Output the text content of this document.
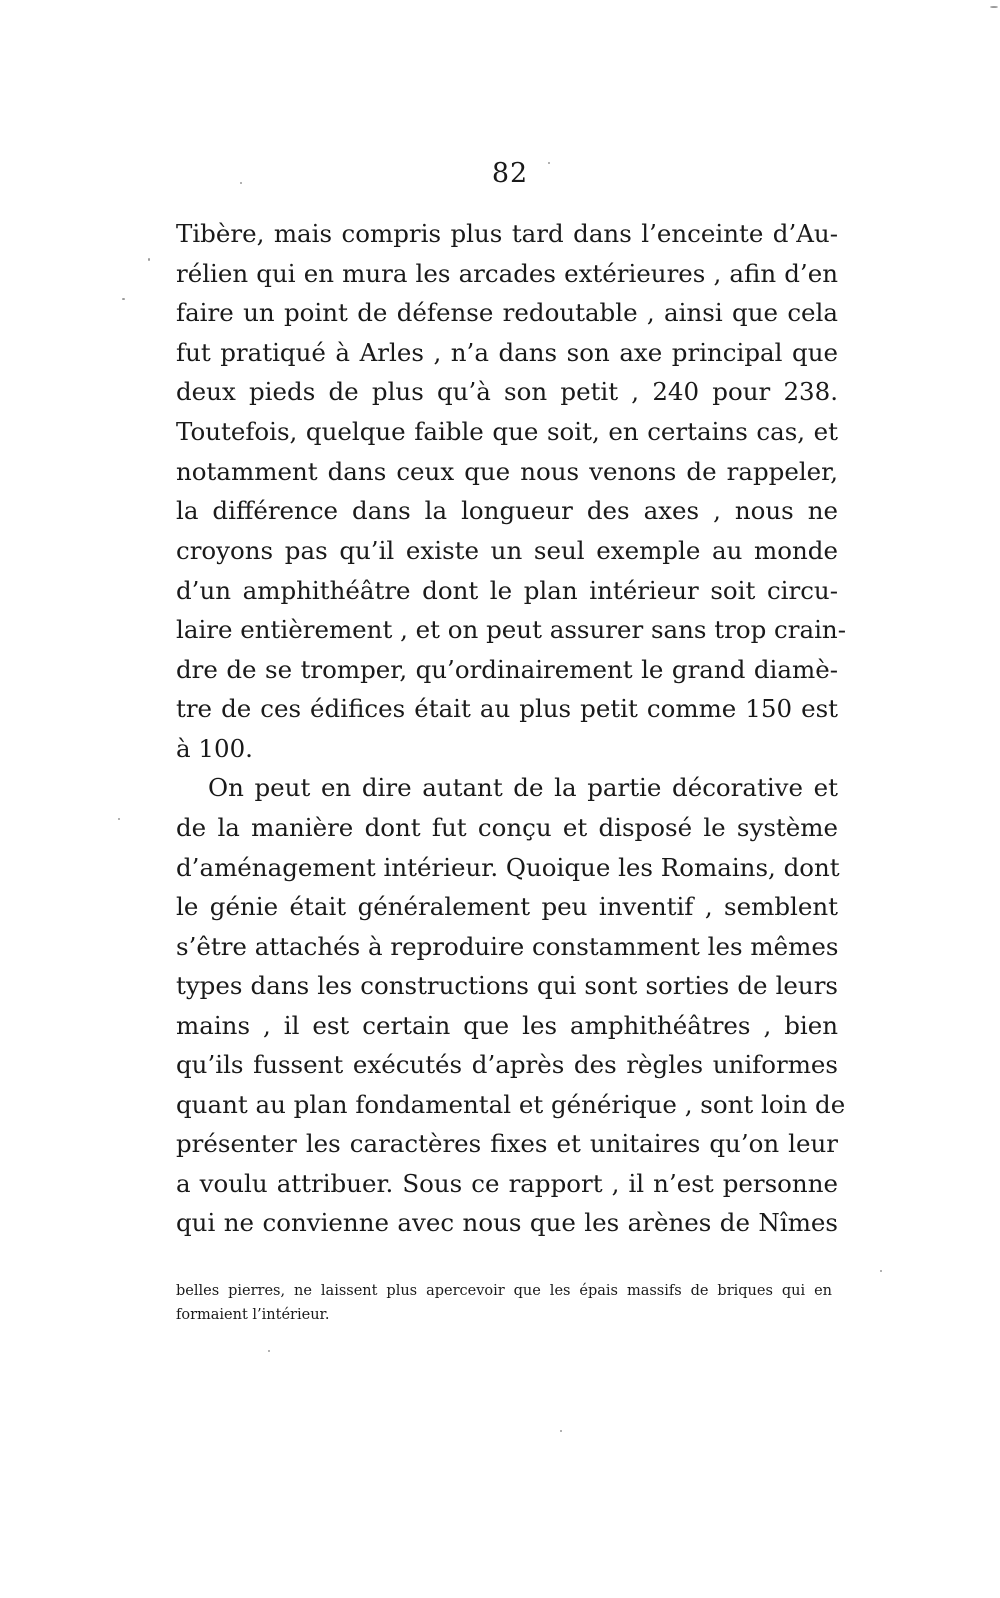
82
Tibère, mais compris plus tard dans l’enceinte d’Au-
rélien qui en mura les arcades extérieures , afin d’en
faire un point de défense redoutable , ainsi que cela
fut pratiqué à Arles , n’a dans son axe principal que
deux pieds de plus qu’à son petit , 240 pour 238.
Toutefois, quelque faible que soit, en certains cas, et
notamment dans ceux que nous venons de rappeler,
la différence dans la longueur des axes , nous ne
croyons pas qu’il existe un seul exemple au monde
d’un amphithéâtre dont le plan intérieur soit circu-
laire entièrement , et on peut assurer sans trop crain-
dre de se tromper, qu’ordinairement le grand diamè-
tre de ces édifices était au plus petit comme 150 est
à 100.
On peut en dire autant de la partie décorative et
de la manière dont fut conçu et disposé le système
d’aménagement intérieur. Quoique les Romains, dont
le génie était généralement peu inventif , semblent
s’être attachés à reproduire constamment les mêmes
types dans les constructions qui sont sorties de leurs
mains , il est certain que les amphithéâtres , bien
qu’ils fussent exécutés d’après des règles uniformes
quant au plan fondamental et générique , sont loin de
présenter les caractères fixes et unitaires qu’on leur
a voulu attribuer. Sous ce rapport , il n’est personne
qui ne convienne avec nous que les arènes de Nîmes
belles pierres, ne laissent plus apercevoir que les épais massifs de briques qui en
formaient l’intérieur.
